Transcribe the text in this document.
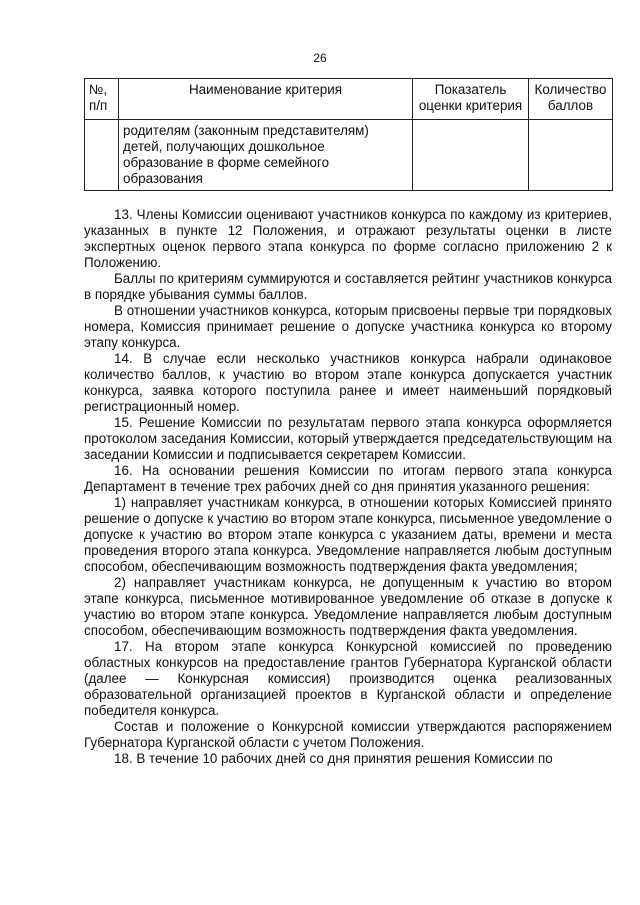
26
№, п/п	Наименование критерия	Показатель оценки критерия	Количество баллов
	родителям (законным представителям) детей, получающих дошкольное образование в форме семейного образования		

13. Члены Комиссии оценивают участников конкурса по каждому из критериев, указанных в пункте 12 Положения, и отражают результаты оценки в листе экспертных оценок первого этапа конкурса по форме согласно приложению 2 к Положению.

Баллы по критериям суммируются и составляется рейтинг участников конкурса в порядке убывания суммы баллов.

В отношении участников конкурса, которым присвоены первые три порядковых номера, Комиссия принимает решение о допуске участника конкурса ко второму этапу конкурса.

14. В случае если несколько участников конкурса набрали одинаковое количество баллов, к участию во втором этапе конкурса допускается участник конкурса, заявка которого поступила ранее и имеет наименьший порядковый регистрационный номер.

15. Решение Комиссии по результатам первого этапа конкурса оформляется протоколом заседания Комиссии, который утверждается председательствующим на заседании Комиссии и подписывается секретарем Комиссии.

16. На основании решения Комиссии по итогам первого этапа конкурса Департамент в течение трех рабочих дней со дня принятия указанного решения:

1) направляет участникам конкурса, в отношении которых Комиссией принято решение о допуске к участию во втором этапе конкурса, письменное уведомление о допуске к участию во втором этапе конкурса с указанием даты, времени и места проведения второго этапа конкурса. Уведомление направляется любым доступным способом, обеспечивающим возможность подтверждения факта уведомления;

2) направляет участникам конкурса, не допущенным к участию во втором этапе конкурса, письменное мотивированное уведомление об отказе в допуске к участию во втором этапе конкурса. Уведомление направляется любым доступным способом, обеспечивающим возможность подтверждения факта уведомления.

17. На втором этапе конкурса Конкурсной комиссией по проведению областных конкурсов на предоставление грантов Губернатора Курганской области (далее — Конкурсная комиссия) производится оценка реализованных образовательной организацией проектов в Курганской области и определение победителя конкурса.

Состав и положение о Конкурсной комиссии утверждаются распоряжением Губернатора Курганской области с учетом Положения.

18. В течение 10 рабочих дней со дня принятия решения Комиссии по
